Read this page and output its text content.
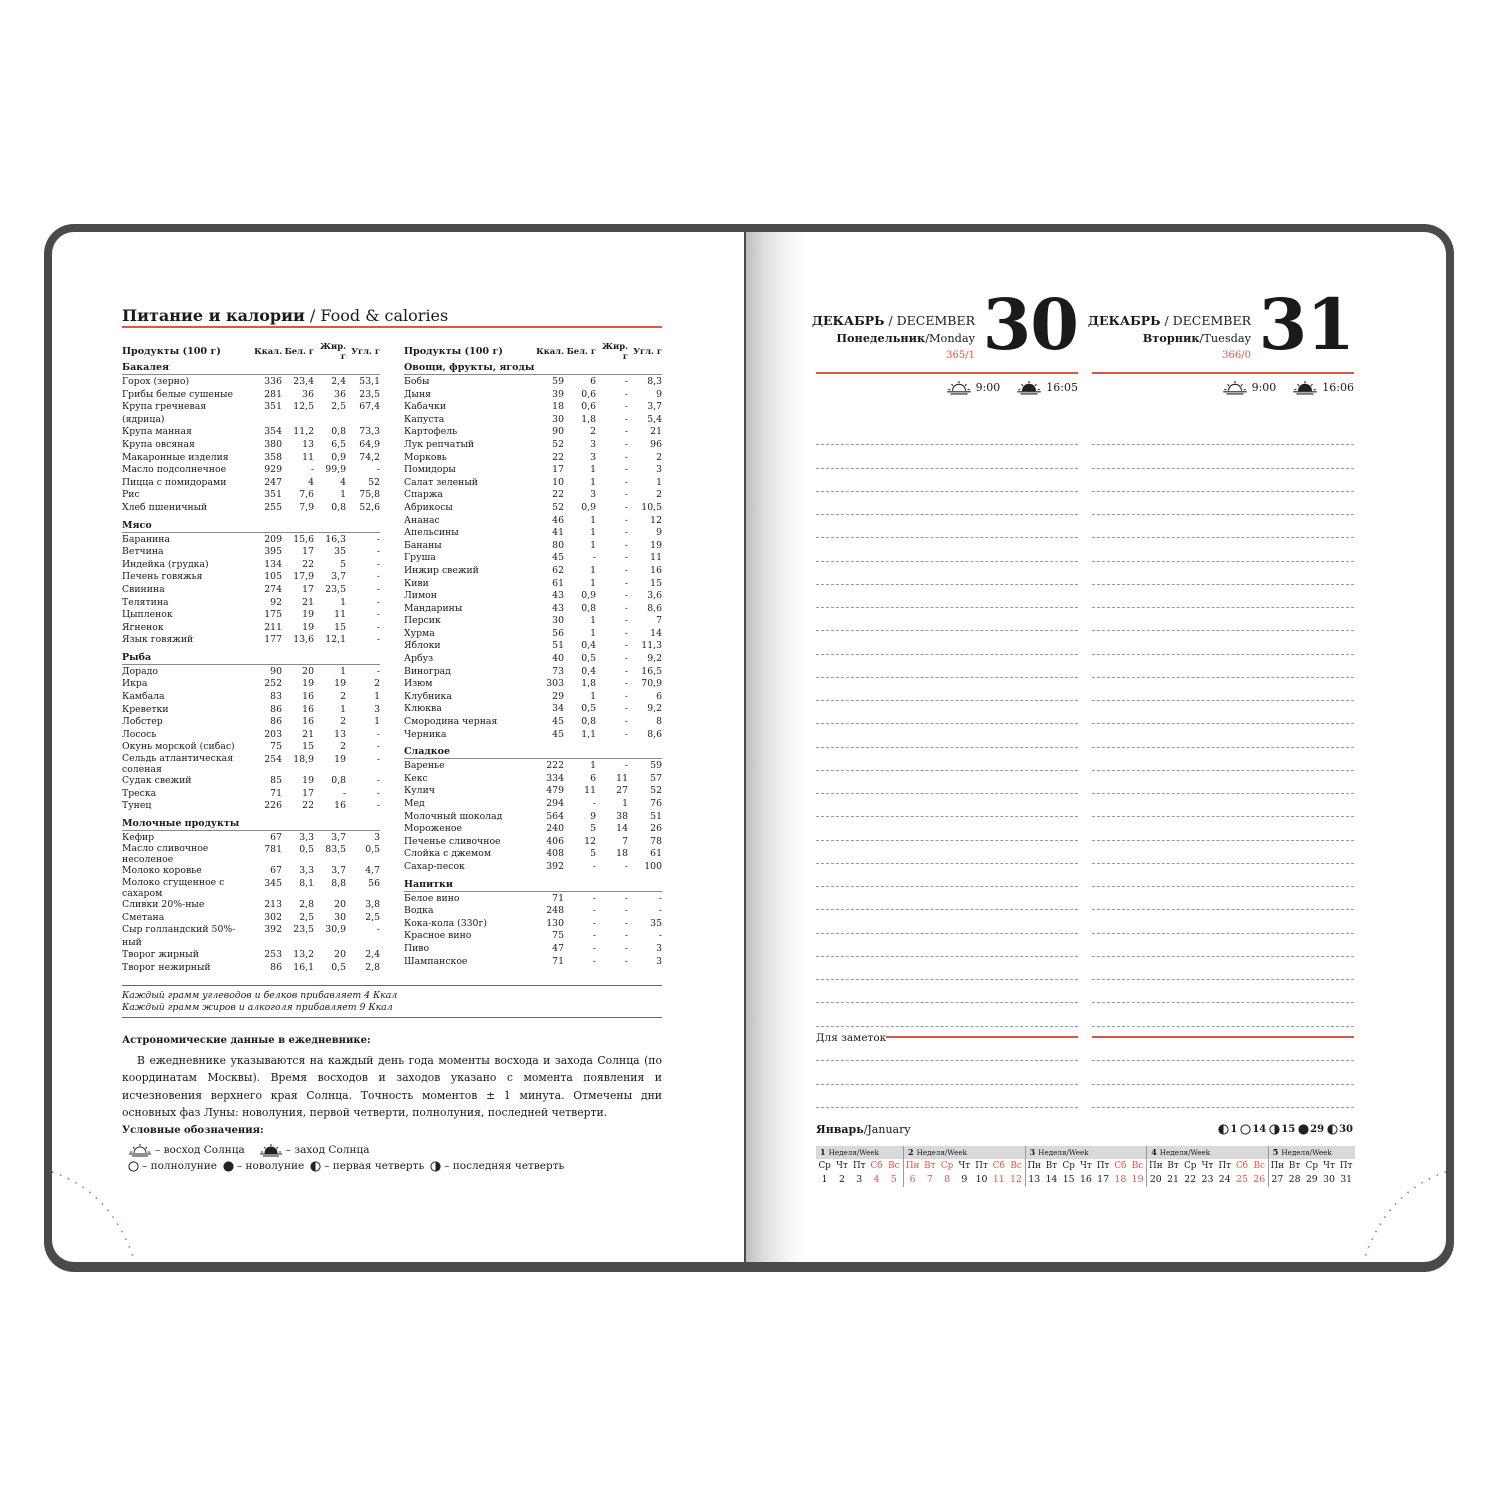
Питание и калории / Food & calories
Продукты (100 г)	Ккал. Бел. г Жир. г Угл. г
Бакалея
Горох (зерно)	336	23,4	2,4	53,1
Грибы белые сушеные	281	36	36	23,5
Крупа гречневая (ядрица)
351	12,5	2,5	67,4
Крупа манная	354	11,2	0,8	73,3
Крупа овсяная	380	13	6,5	64,9
Макаронные изделия	358	11	0,9	74,2
Масло подсолнечное	929	-	99,9	-
Пицца с помидорами	247	4	4	52
Рис	351	7,6	1	75,8
Хлеб пшеничный	255	7,9	0,8	52,6
Мясо
Баранина	209	15,6	16,3	-
Ветчина	395	17	35	-
Индейка (грудка)	134	22	5	-
Печень говяжья	105	17,9	3,7	-
Свинина	274	17	23,5	-
Телятина	92	21	1	-
Цыпленок	175	19	11	-
Ягненок	211	19	15	-
Язык говяжий	177	13,6	12,1	-
Рыба
Дорадо	90	20	1	-
Икра	252	19	19	2
Камбала	83	16	2	1
Креветки	86	16	1	3
Лобстер	86	16	2	1
Лосось	203	21	13	-
Окунь морской (сибас)	75	15	2	-
Сельдь атлантическая соленая
254	18,9	19	-
Судак свежий	85	19	0,8	-
Треска	71	17	-	-
Тунец	226	22	16	-
Молочные продукты
Кефир	67	3,3	3,7	3
Масло сливочное несоленое
781	0,5	83,5	0,5
Молоко коровье	67	3,3	3,7	4,7
Молоко сгущенное с сахаром
345	8,1	8,8	56
Сливки 20%-ные	213	2,8	20	3,8
Сметана	302	2,5	30	2,5
Сыр голландский 50%-ный
392	23,5	30,9	-
Творог жирный	253	13,2	20	2,4
Творог нежирный	86	16,1	0,5	2,8
Продукты (100 г)	Ккал. Бел. г Жир. г Угл. г
Овощи, фрукты, ягоды
Бобы	59	6	-	8,3
Дыня	39	0,6	-	9
Кабачки	18	0,6	-	3,7
Капуста	30	1,8	-	5,4
Картофель	90	2	-	21
Лук репчатый	52	3	-	96
Морковь	22	3	-	2
Помидоры	17	1	-	3
Салат зеленый	10	1	-	1
Спаржа	22	3	-	2
Абрикосы	52	0,9	-	10,5
Ананас	46	1	-	12
Апельсины	41	1	-	9
Бананы	80	1	-	19
Груша	45	-	-	11
Инжир свежий	62	1	-	16
Киви	61	1	-	15
Лимон	43	0,9	-	3,6
Мандарины	43	0,8	-	8,6
Персик	30	1	-	7
Хурма	56	1	-	14
Яблоки	51	0,4	-	11,3
Арбуз	40	0,5	-	9,2
Виноград	73	0,4	-	16,5
Изюм	303	1,8	-	70,9
Клубника	29	1	-	6
Клюква	34	0,5	-	9,2
Смородина черная	45	0,8	-	8
Черника	45	1,1	-	8,6
Сладкое
Варенье	222	1	-	59
Кекс	334	6	11	57
Кулич	479	11	27	52
Мед	294	-	1	76
Молочный шоколад	564	9	38	51
Мороженое	240	5	14	26
Печенье сливочное	406	12	7	78
Слойка с джемом	408	5	18	61
Сахар-песок	392	-	-	100
Напитки
Белое вино	71	-	-	-
Водка	248	-	-	-
Кока-кола (330г)	130	-	-	35
Красное вино	75	-	-	-
Пиво	47	-	-	3
Шампанское	71	-	-	3
Каждый грамм углеводов и белков прибавляет 4 Ккал
Каждый грамм жиров и алкоголя прибавляет 9 Ккал
Астрономические данные в ежедневнике:
В ежедневнике указываются на каждый день года моменты восхода и захода Солнца (по координатам Москвы). Время восходов и заходов указано с момента появления и исчезновения верхнего края Солнца. Точность моментов ± 1 минута. Отмечены дни основных фаз Луны: новолуния, первой четверти, полнолуния, последней четверти.
Условные обозначения:
– восход Солнца	– заход Солнца
– полнолуние – новолуние – первая четверть – последняя четверть
ДЕКАБРЬ / DECEMBER
Понедельник/Monday
365/1 30
9:00	16:05
Для заметок
ДЕКАБРЬ / DECEMBER
Вторник/Tuesday
366/0 31
9:00	16:06
Январь/January	1 14 15 29 30
1 Неделя/Week
Ср Чт Пт Сб Вс
1	2	3	4	5
2 Неделя/Week
Пн Вт Ср Чт Пт Сб Вс
6	7	8	9 10 11 12
3 Неделя/Week
Пн Вт Ср Чт Пт Сб Вс
13 14 15 16 17 18 19
4 Неделя/Week
Пн Вт Ср Чт Пт Сб Вс
20 21 22 23 24 25 26
5 Неделя/Week
Пн Вт Ср Чт Пт
27 28 29 30 31
